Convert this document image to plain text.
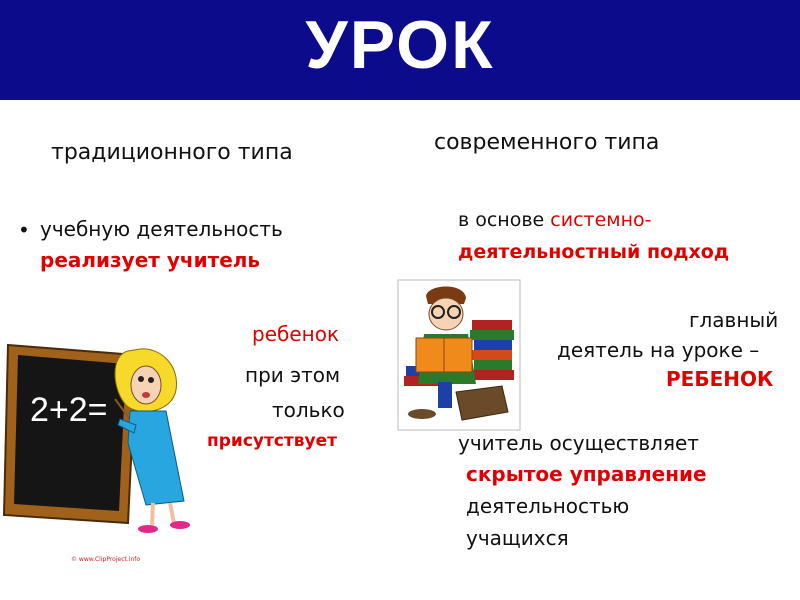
УРОК
традиционного типа
• учебную деятельность
реализует учитель
ребенок
при этом
только
присутствует
2+2=
© www.ClipProject.info
современного типа
в основе системно-
деятельностный подход
главный
деятель на уроке –
РЕБЕНОК
учитель осуществляет
скрытое управление
деятельностью
учащихся
